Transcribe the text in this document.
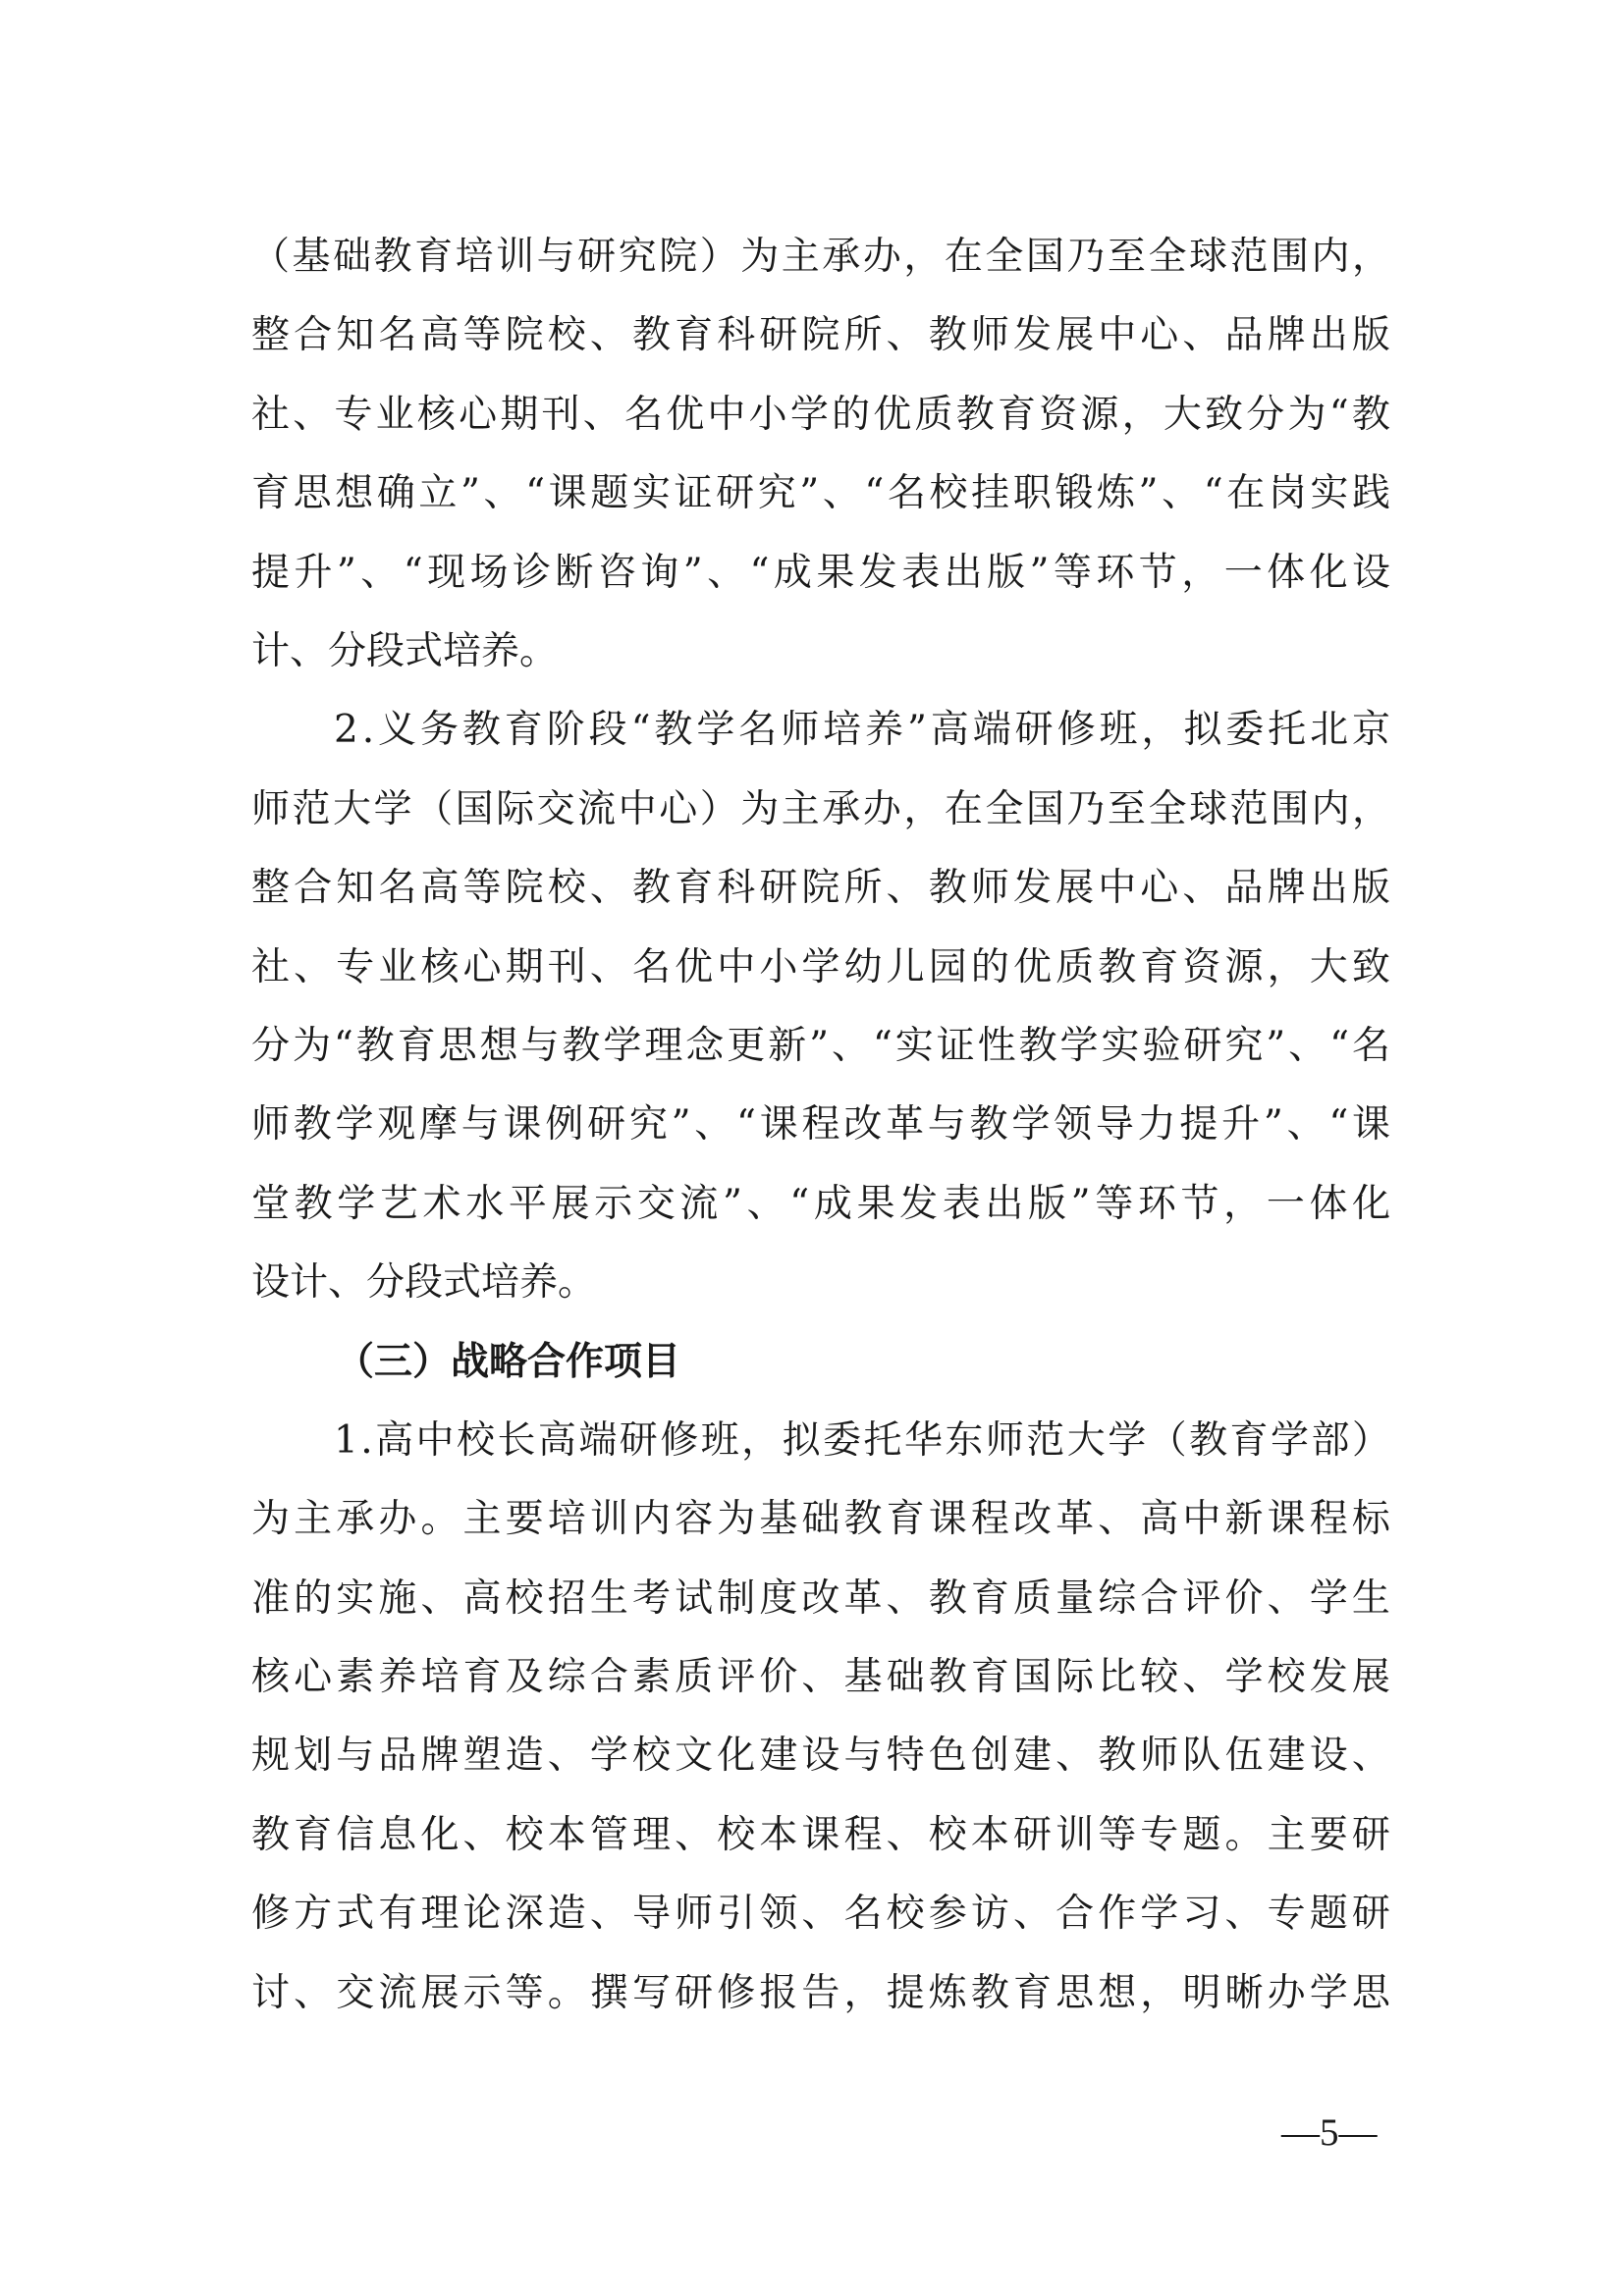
（基础教育培训与研究院）为主承办，在全国乃至全球范围内，
整合知名高等院校、教育科研院所、教师发展中心、品牌出版
社、专业核心期刊、名优中小学的优质教育资源，大致分为“教
育思想确立”、“课题实证研究”、“名校挂职锻炼”、“在岗实践
提升”、“现场诊断咨询”、“成果发表出版”等环节，一体化设
计、分段式培养。
2.义务教育阶段“教学名师培养”高端研修班，拟委托北京
师范大学（国际交流中心）为主承办，在全国乃至全球范围内，
整合知名高等院校、教育科研院所、教师发展中心、品牌出版
社、专业核心期刊、名优中小学幼儿园的优质教育资源，大致
分为“教育思想与教学理念更新”、“实证性教学实验研究”、“名
师教学观摩与课例研究”、“课程改革与教学领导力提升”、“课
堂教学艺术水平展示交流”、“成果发表出版”等环节，一体化
设计、分段式培养。
（三）战略合作项目
1.高中校长高端研修班，拟委托华东师范大学（教育学部）
为主承办。主要培训内容为基础教育课程改革、高中新课程标
准的实施、高校招生考试制度改革、教育质量综合评价、学生
核心素养培育及综合素质评价、基础教育国际比较、学校发展
规划与品牌塑造、学校文化建设与特色创建、教师队伍建设、
教育信息化、校本管理、校本课程、校本研训等专题。主要研
修方式有理论深造、导师引领、名校参访、合作学习、专题研
讨、交流展示等。撰写研修报告，提炼教育思想，明晰办学思
—5—
